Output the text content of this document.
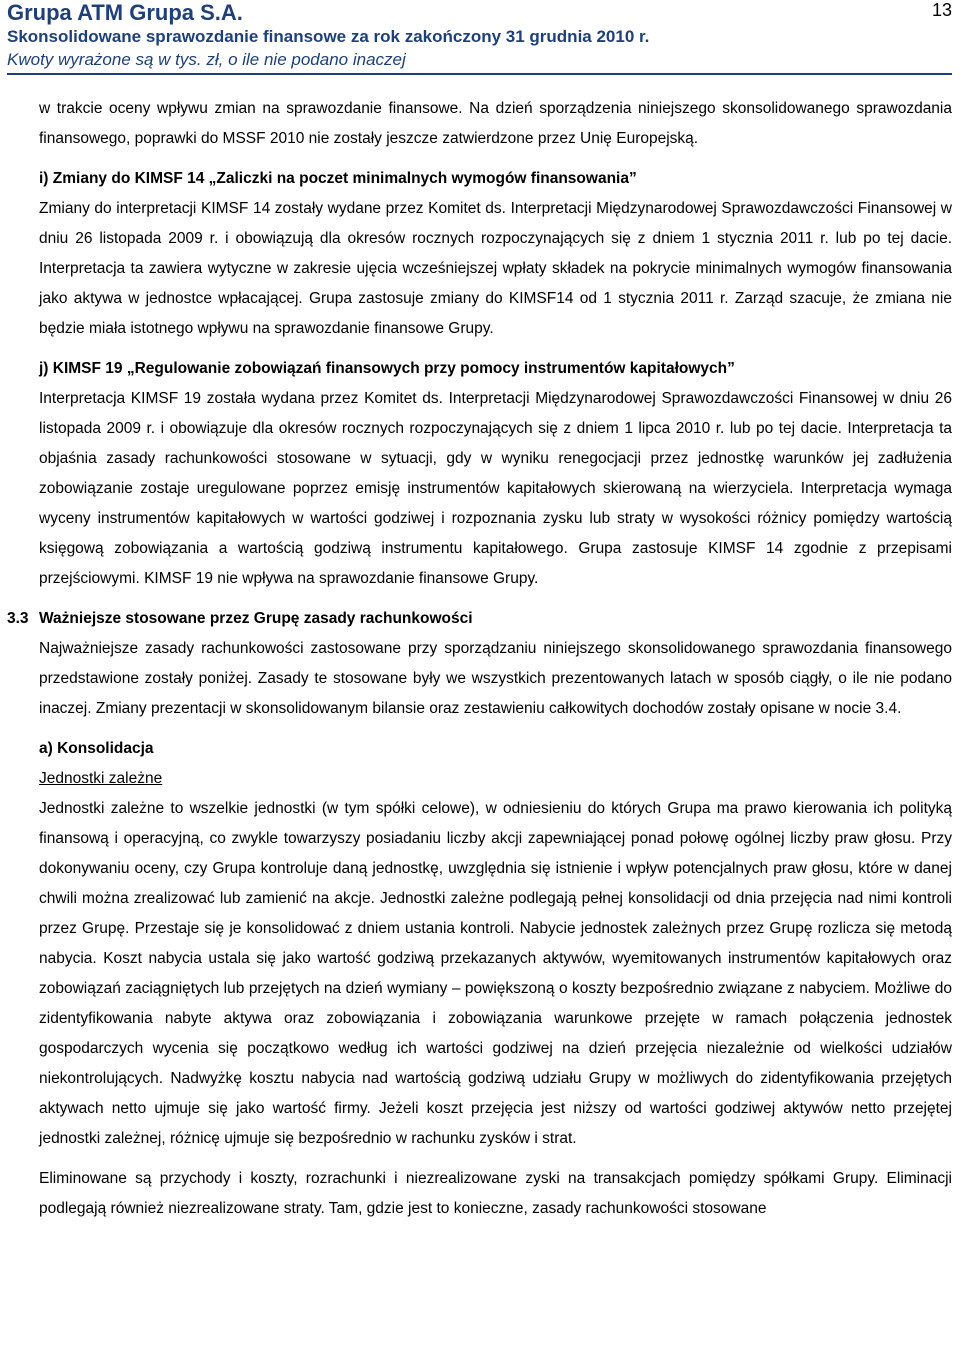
Grupa ATM Grupa S.A.
Skonsolidowane sprawozdanie finansowe za rok zakończony 31 grudnia 2010 r.
Kwoty wyrażone są w tys. zł, o ile nie podano inaczej
13

w trakcie oceny wpływu zmian na sprawozdanie finansowe. Na dzień sporządzenia niniejszego skonsolidowanego sprawozdania finansowego, poprawki do MSSF 2010 nie zostały jeszcze zatwierdzone przez Unię Europejską.

i) Zmiany do KIMSF 14 „Zaliczki na poczet minimalnych wymogów finansowania”

Zmiany do interpretacji KIMSF 14 zostały wydane przez Komitet ds. Interpretacji Międzynarodowej Sprawozdawczości Finansowej w dniu 26 listopada 2009 r. i obowiązują dla okresów rocznych rozpoczynających się z dniem 1 stycznia 2011 r. lub po tej dacie. Interpretacja ta zawiera wytyczne w zakresie ujęcia wcześniejszej wpłaty składek na pokrycie minimalnych wymogów finansowania jako aktywa w jednostce wpłacającej. Grupa zastosuje zmiany do KIMSF14 od 1 stycznia 2011 r. Zarząd szacuje, że zmiana nie będzie miała istotnego wpływu na sprawozdanie finansowe Grupy.

j) KIMSF 19 „Regulowanie zobowiązań finansowych przy pomocy instrumentów kapitałowych”

Interpretacja KIMSF 19 została wydana przez Komitet ds. Interpretacji Międzynarodowej Sprawozdawczości Finansowej w dniu 26 listopada 2009 r. i obowiązuje dla okresów rocznych rozpoczynających się z dniem 1 lipca 2010 r. lub po tej dacie. Interpretacja ta objaśnia zasady rachunkowości stosowane w sytuacji, gdy w wyniku renegocjacji przez jednostkę warunków jej zadłużenia zobowiązanie zostaje uregulowane poprzez emisję instrumentów kapitałowych skierowaną na wierzyciela. Interpretacja wymaga wyceny instrumentów kapitałowych w wartości godziwej i rozpoznania zysku lub straty w wysokości różnicy pomiędzy wartością księgową zobowiązania a wartością godziwą instrumentu kapitałowego. Grupa zastosuje KIMSF 14 zgodnie z przepisami przejściowymi. KIMSF 19 nie wpływa na sprawozdanie finansowe Grupy.

3.3 Ważniejsze stosowane przez Grupę zasady rachunkowości

Najważniejsze zasady rachunkowości zastosowane przy sporządzaniu niniejszego skonsolidowanego sprawozdania finansowego przedstawione zostały poniżej. Zasady te stosowane były we wszystkich prezentowanych latach w sposób ciągły, o ile nie podano inaczej. Zmiany prezentacji w skonsolidowanym bilansie oraz zestawieniu całkowitych dochodów zostały opisane w nocie 3.4.

a) Konsolidacja

Jednostki zależne

Jednostki zależne to wszelkie jednostki (w tym spółki celowe), w odniesieniu do których Grupa ma prawo kierowania ich polityką finansową i operacyjną, co zwykle towarzyszy posiadaniu liczby akcji zapewniającej ponad połowę ogólnej liczby praw głosu. Przy dokonywaniu oceny, czy Grupa kontroluje daną jednostkę, uwzględnia się istnienie i wpływ potencjalnych praw głosu, które w danej chwili można zrealizować lub zamienić na akcje. Jednostki zależne podlegają pełnej konsolidacji od dnia przejęcia nad nimi kontroli przez Grupę. Przestaje się je konsolidować z dniem ustania kontroli. Nabycie jednostek zależnych przez Grupę rozlicza się metodą nabycia. Koszt nabycia ustala się jako wartość godziwą przekazanych aktywów, wyemitowanych instrumentów kapitałowych oraz zobowiązań zaciągniętych lub przejętych na dzień wymiany – powiększoną o koszty bezpośrednio związane z nabyciem. Możliwe do zidentyfikowania nabyte aktywa oraz zobowiązania i zobowiązania warunkowe przejęte w ramach połączenia jednostek gospodarczych wycenia się początkowo według ich wartości godziwej na dzień przejęcia niezależnie od wielkości udziałów niekontrolujących. Nadwyżkę kosztu nabycia nad wartością godziwą udziału Grupy w możliwych do zidentyfikowania przejętych aktywach netto ujmuje się jako wartość firmy. Jeżeli koszt przejęcia jest niższy od wartości godziwej aktywów netto przejętej jednostki zależnej, różnicę ujmuje się bezpośrednio w rachunku zysków i strat.

Eliminowane są przychody i koszty, rozrachunki i niezrealizowane zyski na transakcjach pomiędzy spółkami Grupy. Eliminacji podlegają również niezrealizowane straty. Tam, gdzie jest to konieczne, zasady rachunkowości stosowane
